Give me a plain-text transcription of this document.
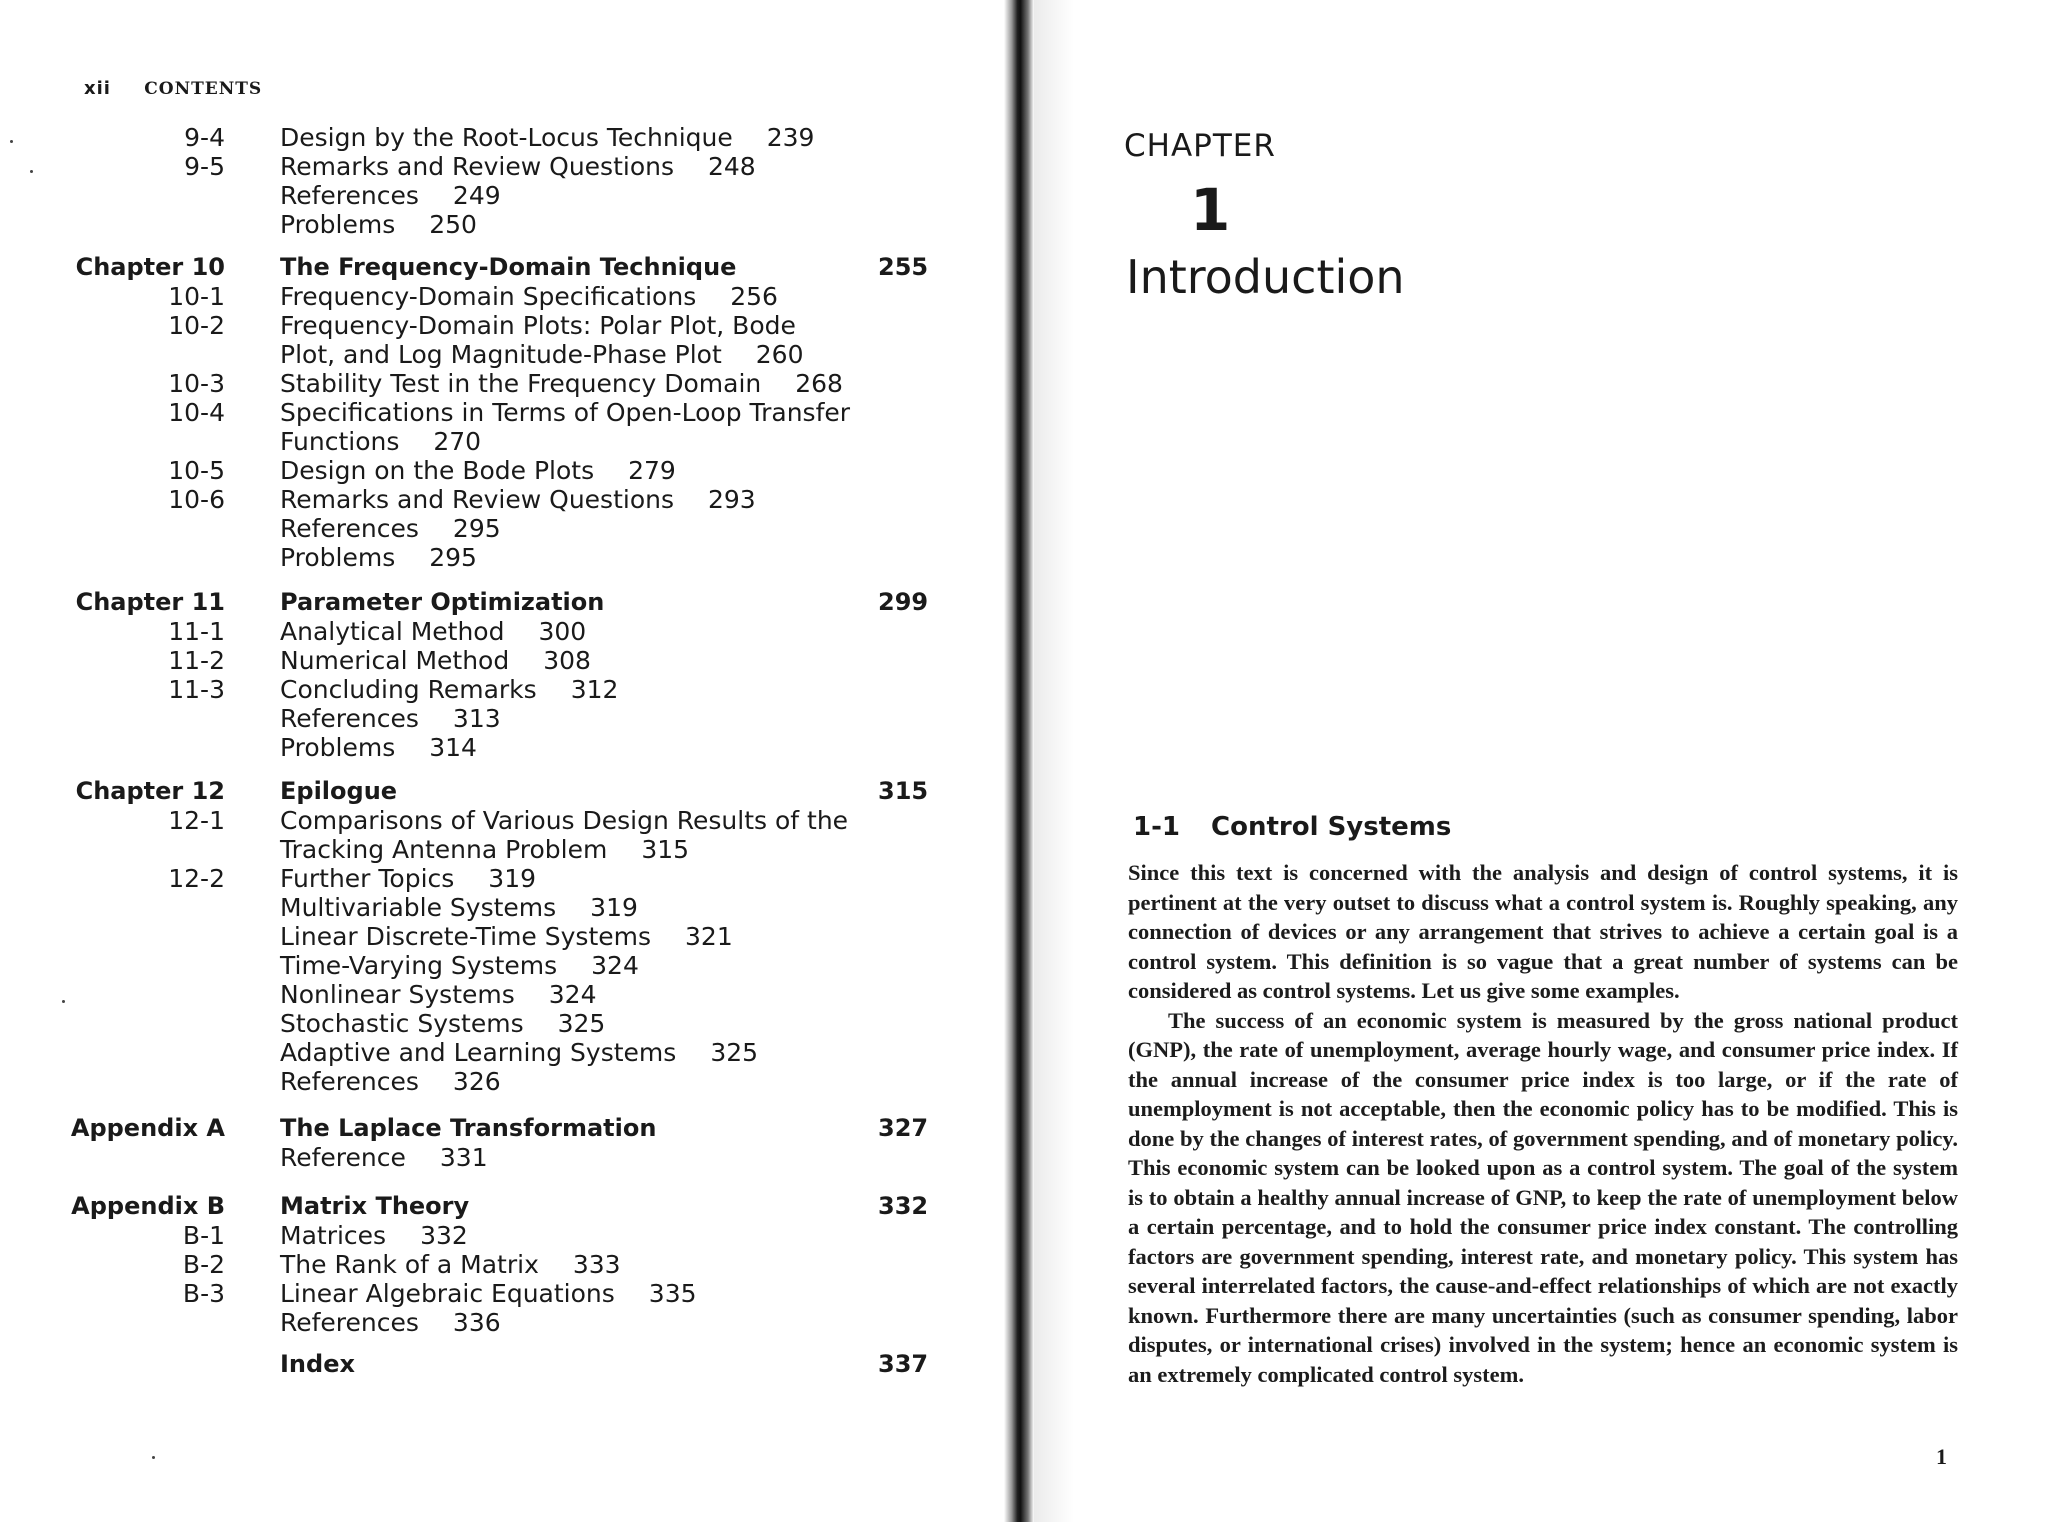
xii CONTENTS
9-4 Design by the Root-Locus Technique 239
9-5 Remarks and Review Questions 248
References 249
Problems 250
Chapter 10 The Frequency-Domain Technique	255
10-1 Frequency-Domain Specifications 256
10-2 Frequency-Domain Plots: Polar Plot, Bode
Plot, and Log Magnitude-Phase Plot 260
10-3 Stability Test in the Frequency Domain 268
10-4 Specifications in Terms of Open-Loop Transfer
Functions 270
10-5 Design on the Bode Plots 279
10-6 Remarks and Review Questions 293
References 295
Problems 295
Chapter 11 Parameter Optimization	299
11-1 Analytical Method 300
11-2 Numerical Method 308
11-3 Concluding Remarks 312
References 313
Problems 314
Chapter 12 Epilogue	315
12-1 Comparisons of Various Design Results of the
Tracking Antenna Problem 315
12-2 Further Topics 319
Multivariable Systems 319
Linear Discrete-Time Systems 321
Time-Varying Systems 324
Nonlinear Systems 324
Stochastic Systems 325
Adaptive and Learning Systems 325
References 326
Appendix A The Laplace Transformation	327
Reference 331
Appendix B Matrix Theory	332
B-1 Matrices 332
B-2 The Rank of a Matrix 333
B-3 Linear Algebraic Equations 335
References 336
Index	337
CHAPTER
1
Introduction
1-1 Control Systems

Since this text is concerned with the analysis and design of control systems, it is pertinent at the very outset to discuss what a control system is. Roughly speaking, any connection of devices or any arrangement that strives to achieve a certain goal is a control system. This definition is so vague that a great number of systems can be considered as control systems. Let us give some examples.

The success of an economic system is measured by the gross national product (GNP), the rate of unemployment, average hourly wage, and consumer price index. If the annual increase of the consumer price index is too large, or if the rate of unemployment is not acceptable, then the economic policy has to be modified. This is done by the changes of interest rates, of government spending, and of monetary policy. This economic system can be looked upon as a control system. The goal of the system is to obtain a healthy annual increase of GNP, to keep the rate of unemployment below a certain percentage, and to hold the consumer price index constant. The controlling factors are government spending, interest rate, and monetary policy. This system has several interrelated factors, the cause-and-effect relationships of which are not exactly known. Furthermore there are many uncertainties (such as consumer spending, labor disputes, or international crises) involved in the system; hence an economic system is an extremely complicated control system.

1
